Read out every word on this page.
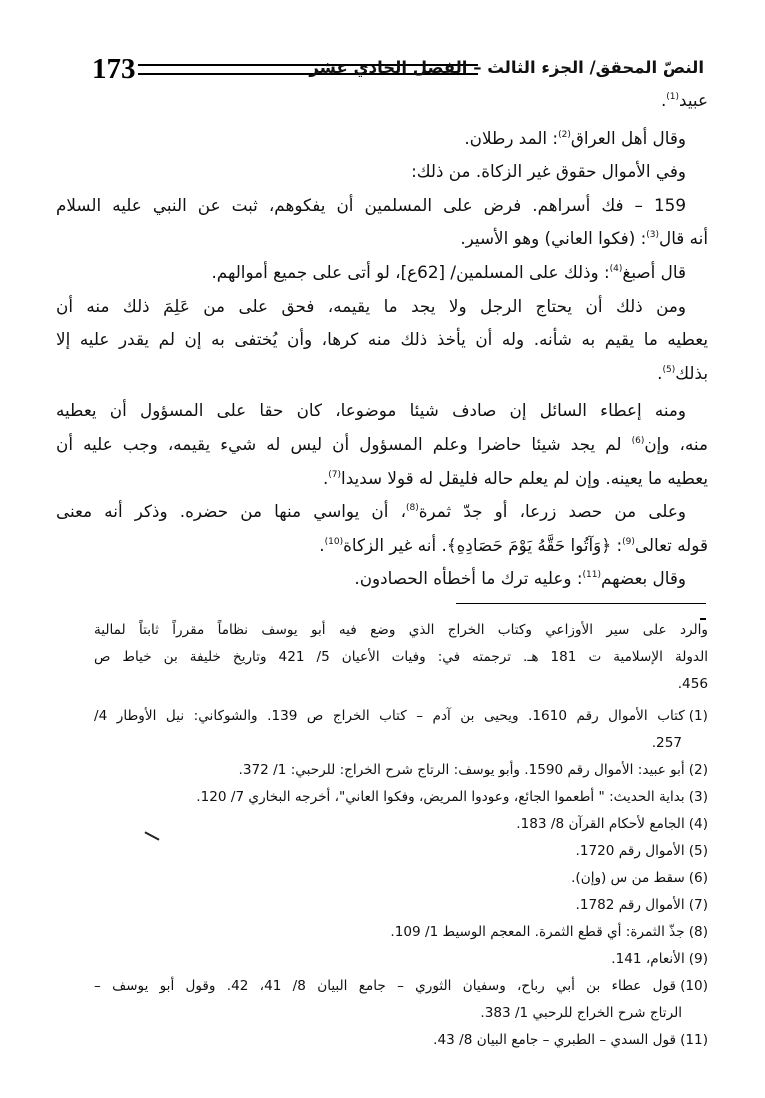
173	النصّ المحقق/ الجزء الثالث – الفصل الحادي عشر
عبيد$^{(1)}$.
وقال أهل العراق$^{(2)}$: المد رطلان.
وفي الأموال حقوق غير الزكاة. من ذلك:
159 – فك أسراهم. فرض على المسلمين أن يفكوهم، ثبت عن النبي عليه السلام
أنه قال$^{(3)}$: (فكوا العاني) وهو الأسير.
قال أصبغ$^{(4)}$: وذلك على المسلمين/ [62ع]، لو أتى على جميع أموالهم.
ومن ذلك أن يحتاج الرجل ولا يجد ما يقيمه، فحق على من عَلِمَ ذلك منه أن
يعطيه ما يقيم به شأنه. وله أن يأخذ ذلك منه كرها، وأن يُختفى به إن لم يقدر عليه إلا
بذلك$^{(5)}$.
ومنه إعطاء السائل إن صادف شيئا موضوعا، كان حقا على المسؤول أن يعطيه
منه، وإن$^{(6)}$ لم يجد شيئا حاضرا وعلم المسؤول أن ليس له شيء يقيمه، وجب عليه أن
يعطيه ما يعينه. وإن لم يعلم حاله فليقل له قولا سديدا$^{(7)}$.
وعلى من حصد زرعا، أو جدّ ثمرة$^{(8)}$، أن يواسي منها من حضره. وذكر أنه معنى
قوله تعالى$^{(9)}$: ﴿وَآتُوا حَقَّهُ يَوْمَ حَصَادِهِ﴾. أنه غير الزكاة$^{(10)}$.
وقال بعضهم$^{(11)}$: وعليه ترك ما أخطأه الحصادون.
والرد على سير الأوزاعي وكتاب الخراج الذي وضع فيه أبو يوسف نظاماً مقرراً ثابتاً لمالية
الدولة الإسلامية ت 181 هـ. ترجمته في: وفيات الأعيان 5/ 421 وتاريخ خليفة بن خياط ص
456.
(1)كتاب الأموال رقم 1610. ويحيى بن آدم – كتاب الخراج ص 139. والشوكاني: نيل الأوطار 4/
257.
(2)أبو عبيد: الأموال رقم 1590. وأبو يوسف: الرتاج شرح الخراج: للرحبي: 1/ 372.
(3)بداية الحديث: " أطعموا الجائع، وعودوا المريض، وفكوا العاني"، أخرجه البخاري 7/ 120.
(4)الجامع لأحكام القرآن 8/ 183.
(5)الأموال رقم 1720.
(6)سقط من س (وإن).
(7)الأموال رقم 1782.
(8)جذّ الثمرة: أي قطع الثمرة. المعجم الوسيط 1/ 109.
(9)الأنعام، 141.
(10)قول عطاء بن أبي رباح، وسفيان الثوري – جامع البيان 8/ 41، 42. وقول أبو يوسف –
الرتاج شرح الخراج للرحبي 1/ 383.
(11)قول السدي – الطبري – جامع البيان 8/ 43.
